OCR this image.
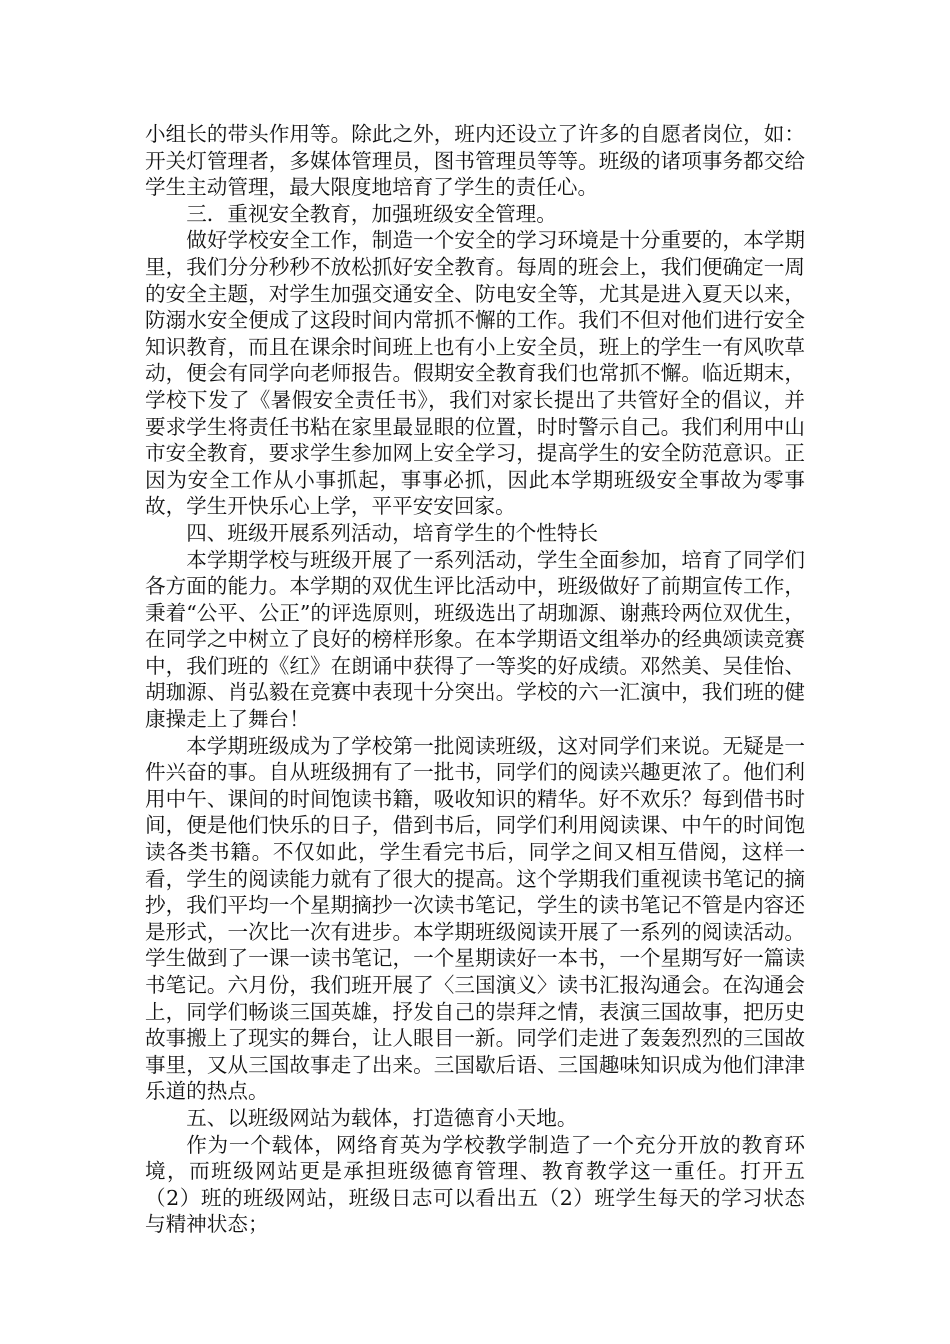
小组长的带头作用等。除此之外，班内还设立了许多的自愿者岗位，如：开关灯管理者，多媒体管理员，图书管理员等等。班级的诸项事务都交给学生主动管理，最大限度地培育了学生的责任心。

三．重视安全教育，加强班级安全管理。

做好学校安全工作，制造一个安全的学习环境是十分重要的，本学期里，我们分分秒秒不放松抓好安全教育。每周的班会上，我们便确定一周的安全主题，对学生加强交通安全、防电安全等，尤其是进入夏天以来，防溺水安全便成了这段时间内常抓不懈的工作。我们不但对他们进行安全知识教育，而且在课余时间班上也有小上安全员，班上的学生一有风吹草动，便会有同学向老师报告。假期安全教育我们也常抓不懈。临近期末，学校下发了《暑假安全责任书》，我们对家长提出了共管好全的倡议，并要求学生将责任书粘在家里最显眼的位置，时时警示自己。我们利用中山市安全教育，要求学生参加网上安全学习，提高学生的安全防范意识。正因为安全工作从小事抓起，事事必抓，因此本学期班级安全事故为零事故，学生开快乐心上学，平平安安回家。

四、班级开展系列活动，培育学生的个性特长

本学期学校与班级开展了一系列活动，学生全面参加，培育了同学们各方面的能力。本学期的双优生评比活动中，班级做好了前期宣传工作，秉着“公平、公正”的评选原则，班级选出了胡珈源、谢燕玲两位双优生，在同学之中树立了良好的榜样形象。在本学期语文组举办的经典颂读竞赛中，我们班的《红》在朗诵中获得了一等奖的好成绩。邓然美、吴佳怡、胡珈源、肖弘毅在竞赛中表现十分突出。学校的六一汇演中，我们班的健康操走上了舞台！

本学期班级成为了学校第一批阅读班级，这对同学们来说。无疑是一件兴奋的事。自从班级拥有了一批书，同学们的阅读兴趣更浓了。他们利用中午、课间的时间饱读书籍，吸收知识的精华。好不欢乐？每到借书时间，便是他们快乐的日子，借到书后，同学们利用阅读课、中午的时间饱读各类书籍。不仅如此，学生看完书后，同学之间又相互借阅，这样一看，学生的阅读能力就有了很大的提高。这个学期我们重视读书笔记的摘抄，我们平均一个星期摘抄一次读书笔记，学生的读书笔记不管是内容还是形式，一次比一次有进步。本学期班级阅读开展了一系列的阅读活动。学生做到了一课一读书笔记，一个星期读好一本书，一个星期写好一篇读书笔记。六月份，我们班开展了〈三国演义〉读书汇报沟通会。在沟通会上，同学们畅谈三国英雄，抒发自己的崇拜之情，表演三国故事，把历史故事搬上了现实的舞台，让人眼目一新。同学们走进了轰轰烈烈的三国故事里，又从三国故事走了出来。三国歇后语、三国趣味知识成为他们津津乐道的热点。

五、以班级网站为载体，打造德育小天地。

作为一个载体，网络育英为学校教学制造了一个充分开放的教育环境，而班级网站更是承担班级德育管理、教育教学这一重任。打开五（2）班的班级网站，班级日志可以看出五（2）班学生每天的学习状态与精神状态；
